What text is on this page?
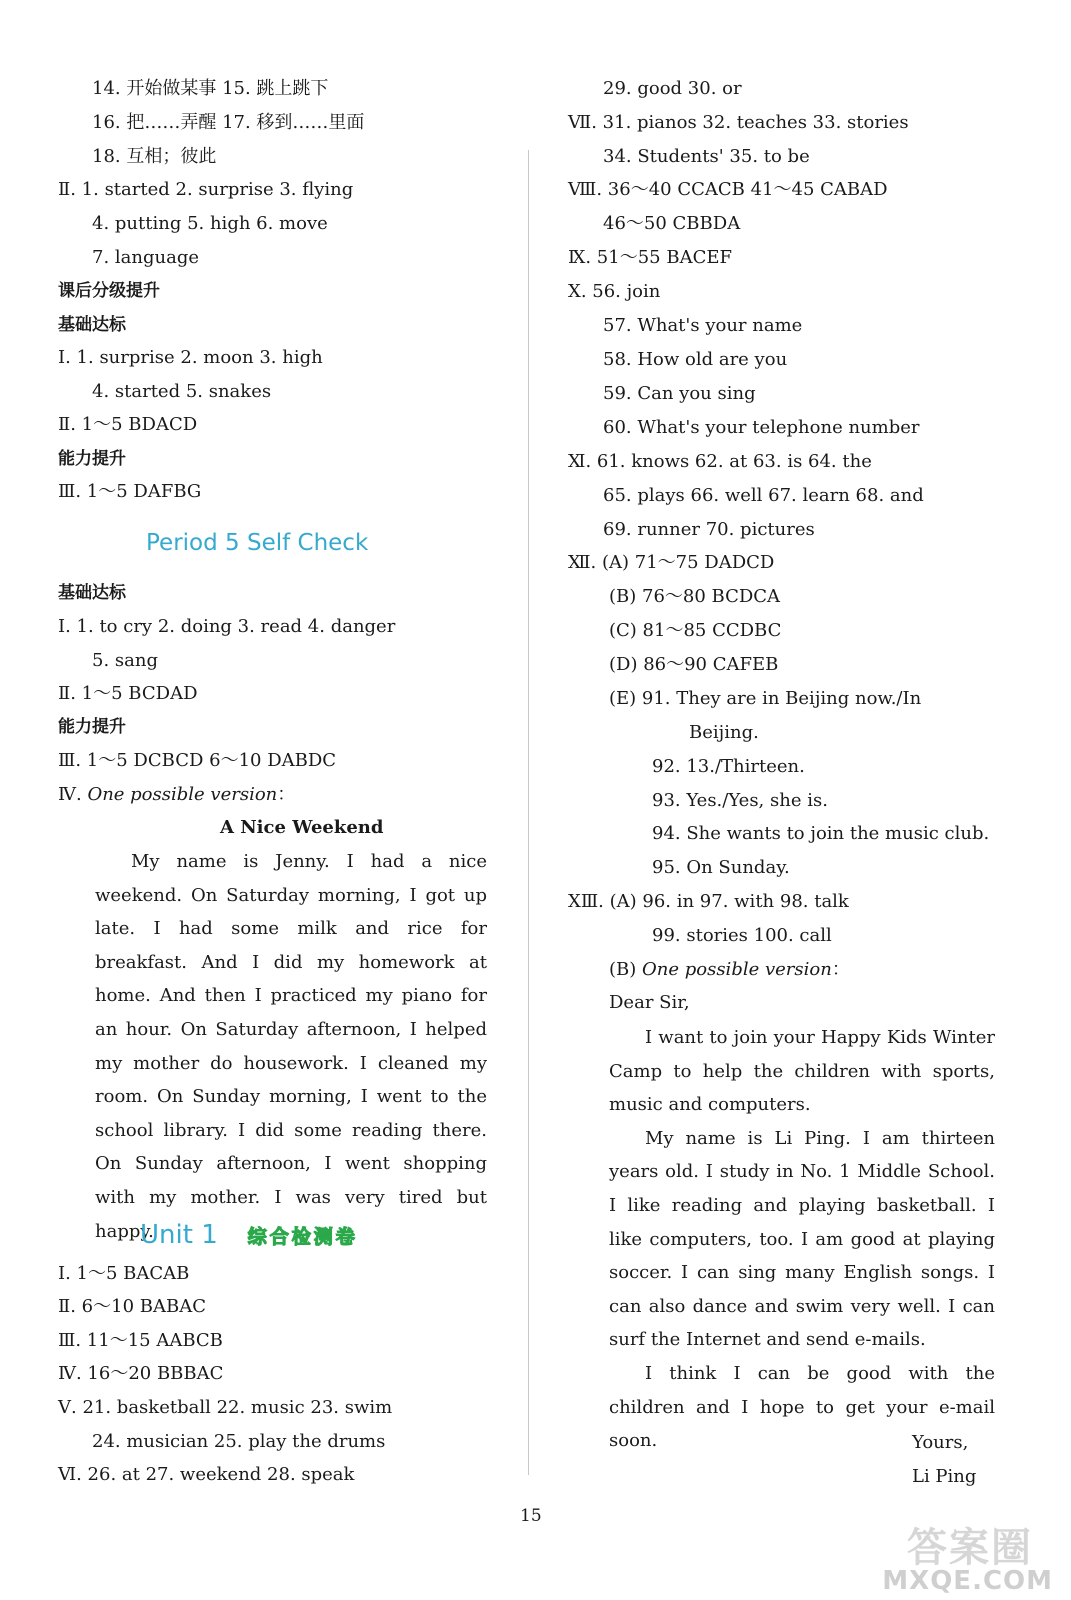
14. 开始做某事 15. 跳上跳下
16. 把……弄醒 17. 移到……里面
18. 互相；彼此
Ⅱ. 1. started 2. surprise 3. flying
4. putting 5. high 6. move
7. language
课后分级提升
基础达标
Ⅰ. 1. surprise 2. moon 3. high
4. started 5. snakes
Ⅱ. 1～5 BDACD
能力提升
Ⅲ. 1～5 DAFBG
Period 5 Self Check
基础达标
Ⅰ. 1. to cry 2. doing 3. read 4. danger
5. sang
Ⅱ. 1～5 BCDAD
能力提升
Ⅲ. 1～5 DCBCD 6～10 DABDC
Ⅳ. One possible version：
A Nice Weekend

My name is Jenny. I had a nice weekend. On Saturday morning, I got up late. I had some milk and rice for breakfast. And I did my homework at home. And then I practiced my piano for an hour. On Saturday afternoon, I helped my mother do housework. I cleaned my room. On Sunday morning, I went to the school library. I did some reading there. On Sunday afternoon, I went shopping with my mother. I was very tired but happy.

Unit 1 综合检测卷
Ⅰ. 1～5 BACAB
Ⅱ. 6～10 BABAC
Ⅲ. 11～15 AABCB
Ⅳ. 16～20 BBBAC
Ⅴ. 21. basketball 22. music 23. swim
24. musician 25. play the drums
Ⅵ. 26. at 27. weekend 28. speak
29. good 30. or
Ⅶ. 31. pianos 32. teaches 33. stories
34. Students' 35. to be
Ⅷ. 36～40 CCACB 41～45 CABAD
46～50 CBBDA
Ⅸ. 51～55 BACEF
Ⅹ. 56. join
57. What's your name
58. How old are you
59. Can you sing
60. What's your telephone number
Ⅺ. 61. knows 62. at 63. is 64. the
65. plays 66. well 67. learn 68. and
69. runner 70. pictures
Ⅻ. (A) 71～75 DADCD
(B) 76～80 BCDCA
(C) 81～85 CCDBC
(D) 86～90 CAFEB
(E) 91. They are in Beijing now./In
Beijing.
92. 13./Thirteen.
93. Yes./Yes, she is.
94. She wants to join the music club.
95. On Sunday.
ⅩⅢ. (A) 96. in 97. with 98. talk
99. stories 100. call
(B) One possible version：
Dear Sir,

I want to join your Happy Kids Winter Camp to help the children with sports, music and computers.

My name is Li Ping. I am thirteen years old. I study in No. 1 Middle School. I like reading and playing basketball. I like computers, too. I am good at playing soccer. I can sing many English songs. I can also dance and swim very well. I can surf the Internet and send e-mails.

I think I can be good with the children and I hope to get your e-mail soon.	Yours,
Li Ping
15
答案圈
MXQE.COM
